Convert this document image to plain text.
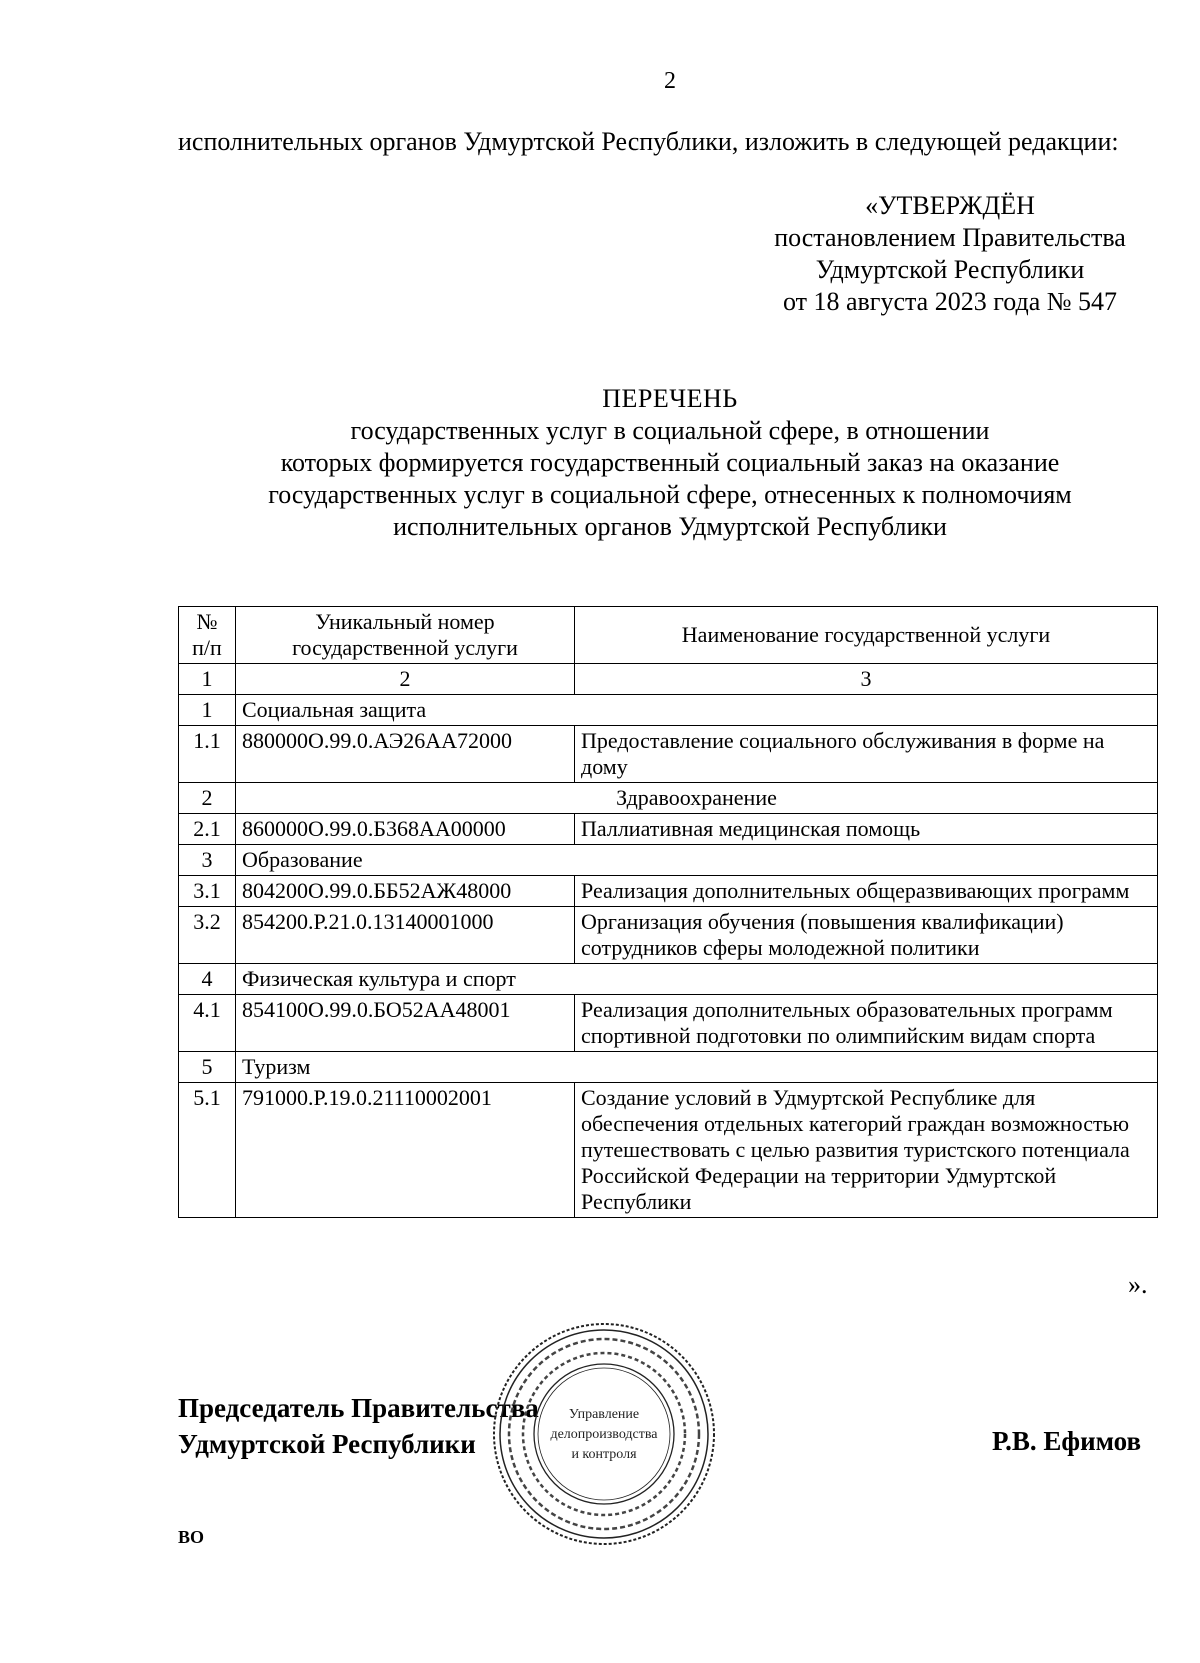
2
исполнительных органов Удмуртской Республики, изложить в следующей редакции:
«УТВЕРЖДЁН
постановлением Правительства
Удмуртской Республики
от 18 августа 2023 года № 547
ПЕРЕЧЕНЬ
государственных услуг в социальной сфере, в отношении
которых формируется государственный социальный заказ на оказание
государственных услуг в социальной сфере, отнесенных к полномочиям
исполнительных органов Удмуртской Республики
№ п/п	Уникальный номер государственной услуги	Наименование государственной услуги
1	2	3
1	Социальная защита	
1.1	880000О.99.0.АЭ26АА72000	Предоставление социального обслуживания в форме на дому
2	Здравоохранение	
2.1	860000О.99.0.Б368АА00000	Паллиативная медицинская помощь
3	Образование	
3.1	804200О.99.0.ББ52АЖ48000	Реализация дополнительных общеразвивающих программ
3.2	854200.Р.21.0.13140001000	Организация обучения (повышения квалификации) сотрудников сферы молодежной политики
4	Физическая культура и спорт	
4.1	854100О.99.0.БО52АА48001	Реализация дополнительных образовательных программ спортивной подготовки по олимпийским видам спорта
5	Туризм	
5.1	791000.Р.19.0.21110002001	Создание условий в Удмуртской Республике для обеспечения отдельных категорий граждан возможностью путешествовать с целью развития туристского потенциала Российской Федерации на территории Удмуртской Республики
».
Председатель Правительства
Удмуртской Республики
Управление
делопроизводства
и контроля	Р.В. Ефимов
ВО
